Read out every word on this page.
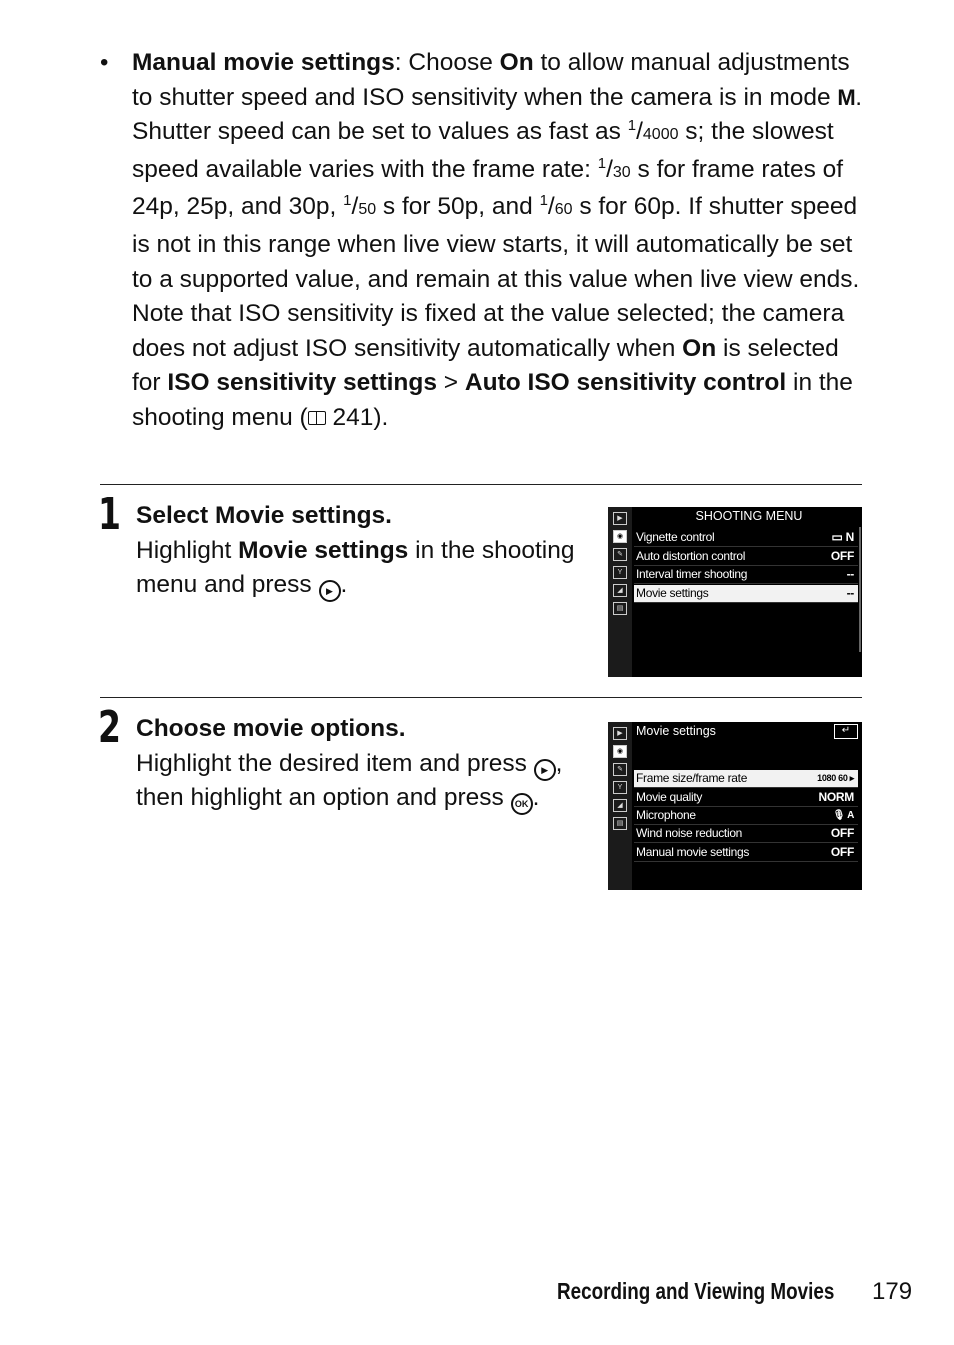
• Manual movie settings: Choose On to allow manual adjustments to shutter speed and ISO sensitivity when the camera is in mode M. Shutter speed can be set to values as fast as $^1$/4000 s; the slowest speed available varies with the frame rate: $^1$/30 s for frame rates of 24p, 25p, and 30p, $^1$/50 s for 50p, and $^1$/60 s for 60p. If shutter speed is not in this range when live view starts, it will automatically be set to a supported value, and remain at this value when live view ends. Note that ISO sensitivity is fixed at the value selected; the camera does not adjust ISO sensitivity automatically when On is selected for ISO sensitivity settings > Auto ISO sensitivity control in the shooting menu (
241).
1 Select Movie settings.
Highlight Movie settings in the shooting menu and press ▶.
▶
◉
✎
Y
◢
▤
SHOOTING MENU
Vignette control	▭ N
Auto distortion control	OFF
Interval timer shooting	--
Movie settings	--
2 Choose movie options.
Highlight the desired item and press ▶, then highlight an option and press OK .
▶
◉
✎
Y
◢
▤
Movie settings	↵
Frame size/frame rate	1080 60 ▸
Movie quality	NORM
Microphone	🎙 A
Wind noise reduction	OFF
Manual movie settings	OFF
Recording and Viewing Movies 179
